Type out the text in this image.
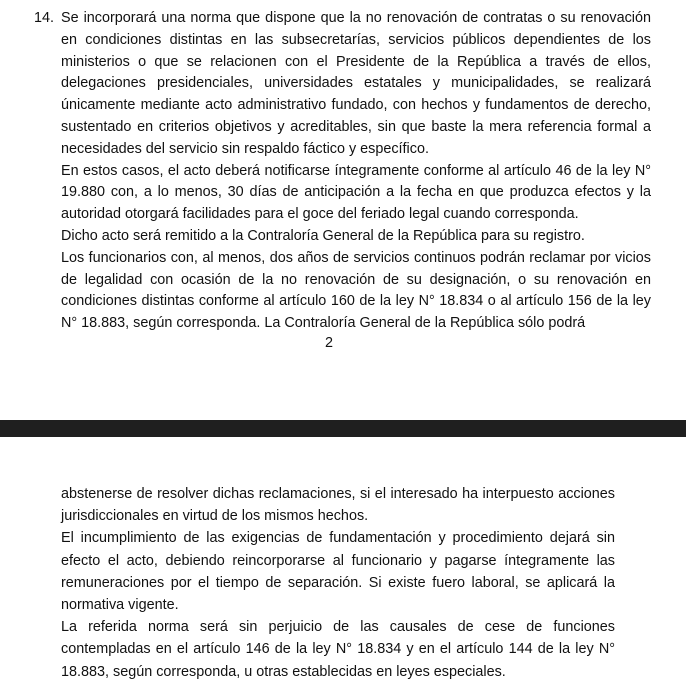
14. Se incorporará una norma que dispone que la no renovación de contratas o su renovación en condiciones distintas en las subsecretarías, servicios públicos dependientes de los ministerios o que se relacionen con el Presidente de la República a través de ellos, delegaciones presidenciales, universidades estatales y municipalidades, se realizará únicamente mediante acto administrativo fundado, con hechos y fundamentos de derecho, sustentado en criterios objetivos y acreditables, sin que baste la mera referencia formal a necesidades del servicio sin respaldo fáctico y específico.

En estos casos, el acto deberá notificarse íntegramente conforme al artículo 46 de la ley N° 19.880 con, a lo menos, 30 días de anticipación a la fecha en que produzca efectos y la autoridad otorgará facilidades para el goce del feriado legal cuando corresponda.

Dicho acto será remitido a la Contraloría General de la República para su registro.

Los funcionarios con, al menos, dos años de servicios continuos podrán reclamar por vicios de legalidad con ocasión de la no renovación de su designación, o su renovación en condiciones distintas conforme al artículo 160 de la ley N° 18.834 o al artículo 156 de la ley N° 18.883, según corresponda. La Contraloría General de la República sólo podrá

2

abstenerse de resolver dichas reclamaciones, si el interesado ha interpuesto acciones jurisdiccionales en virtud de los mismos hechos.

El incumplimiento de las exigencias de fundamentación y procedimiento dejará sin efecto el acto, debiendo reincorporarse al funcionario y pagarse íntegramente las remuneraciones por el tiempo de separación. Si existe fuero laboral, se aplicará la normativa vigente.

La referida norma será sin perjuicio de las causales de cese de funciones contempladas en el artículo 146 de la ley N° 18.834 y en el artículo 144 de la ley N° 18.883, según corresponda, u otras establecidas en leyes especiales.
